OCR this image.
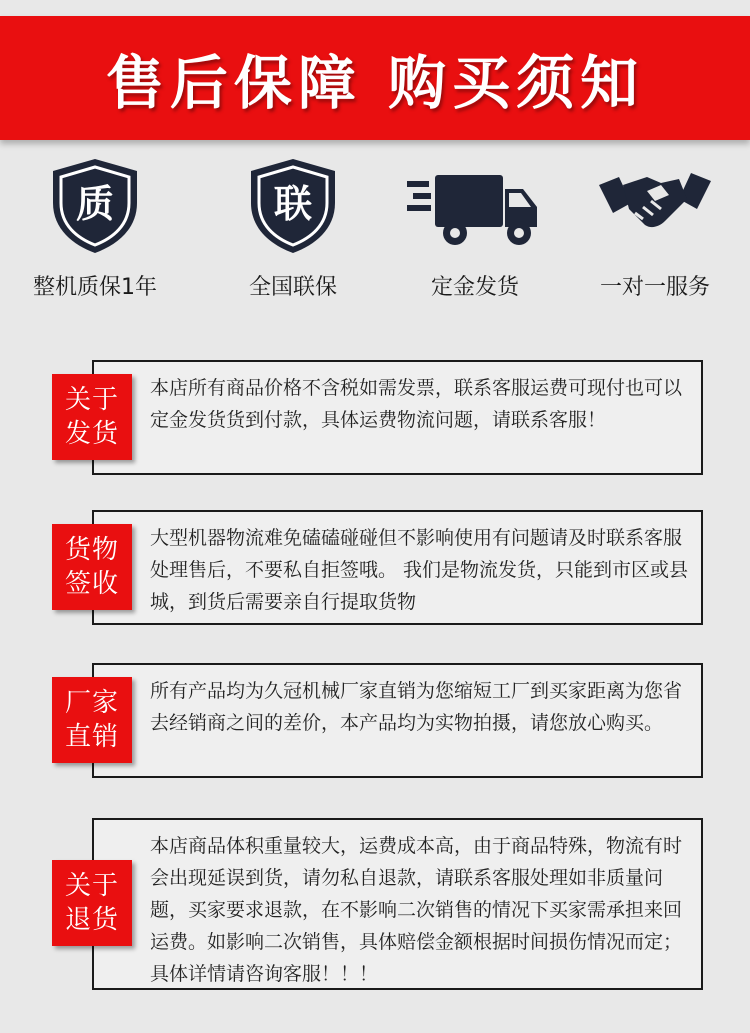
售后保障 购买须知
质
整机质保1年
联
全国联保	定金发货	一对一服务
本店所有商品价格不含税如需发票，联系客服运费可现付也可以定金发货货到付款，具体运费物流问题，请联系客服！
关于
发货
大型机器物流难免磕磕碰碰但不影响使用有问题请及时联系客服处理售后，不要私自拒签哦。 我们是物流发货，只能到市区或县城，到货后需要亲自行提取货物
货物
签收
所有产品均为久冠机械厂家直销为您缩短工厂到买家距离为您省去经销商之间的差价，本产品均为实物拍摄，请您放心购买。
厂家
直销
本店商品体积重量较大，运费成本高，由于商品特殊，物流有时会出现延误到货，请勿私自退款，请联系客服处理如非质量问题，买家要求退款，在不影响二次销售的情况下买家需承担来回运费。如影响二次销售，具体赔偿金额根据时间损伤情况而定；具体详情请咨询客服！！！
关于
退货
